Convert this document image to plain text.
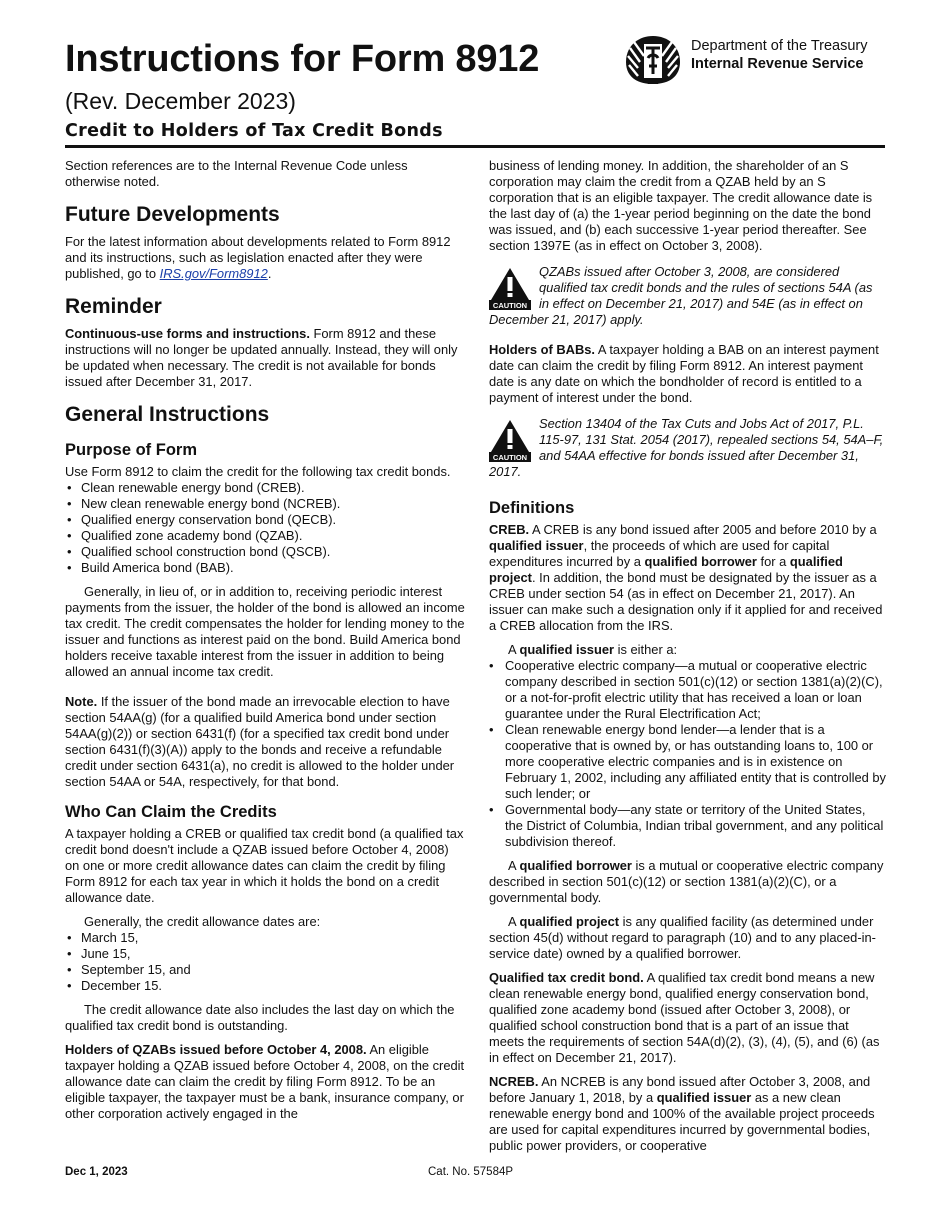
Instructions for Form 8912
(Rev. December 2023)
Credit to Holders of Tax Credit Bonds
Department of the Treasury
Internal Revenue Service

Section references are to the Internal Revenue Code unless otherwise noted.

Future Developments

For the latest information about developments related to Form 8912 and its instructions, such as legislation enacted after they were published, go to IRS.gov/Form8912.

Reminder

Continuous-use forms and instructions. Form 8912 and these instructions will no longer be updated annually. Instead, they will only be updated when necessary. The credit is not available for bonds issued after December 31, 2017.

General Instructions
Purpose of Form

Use Form 8912 to claim the credit for the following tax credit bonds.

• Clean renewable energy bond (CREB).
• New clean renewable energy bond (NCREB).
• Qualified energy conservation bond (QECB).
• Qualified zone academy bond (QZAB).
• Qualified school construction bond (QSCB).
• Build America bond (BAB).

Generally, in lieu of, or in addition to, receiving periodic interest payments from the issuer, the holder of the bond is allowed an income tax credit. The credit compensates the holder for lending money to the issuer and functions as interest paid on the bond. Build America bond holders receive taxable interest from the issuer in addition to being allowed an annual income tax credit.

Note. If the issuer of the bond made an irrevocable election to have section 54AA(g) (for a qualified build America bond under section 54AA(g)(2)) or section 6431(f) (for a specified tax credit bond under section 6431(f)(3)(A)) apply to the bonds and receive a refundable credit under section 6431(a), no credit is allowed to the holder under section 54AA or 54A, respectively, for that bond.

Who Can Claim the Credits

A taxpayer holding a CREB or qualified tax credit bond (a qualified tax credit bond doesn't include a QZAB issued before October 4, 2008) on one or more credit allowance dates can claim the credit by filing Form 8912 for each tax year in which it holds the bond on a credit allowance date.

Generally, the credit allowance dates are:

• March 15,
• June 15,
• September 15, and
• December 15.

The credit allowance date also includes the last day on which the qualified tax credit bond is outstanding.

Holders of QZABs issued before October 4, 2008. An eligible taxpayer holding a QZAB issued before October 4, 2008, on the credit allowance date can claim the credit by filing Form 8912. To be an eligible taxpayer, the taxpayer must be a bank, insurance company, or other corporation actively engaged in the

business of lending money. In addition, the shareholder of an S corporation may claim the credit from a QZAB held by an S corporation that is an eligible taxpayer. The credit allowance date is the last day of (a) the 1-year period beginning on the date the bond was issued, and (b) each successive 1-year period thereafter. See section 1397E (as in effect on October 3, 2008).

CAUTION

QZABs issued after October 3, 2008, are considered qualified tax credit bonds and the rules of sections 54A (as in effect on December 21, 2017) and 54E (as in effect on December 21, 2017) apply.

Holders of BABs. A taxpayer holding a BAB on an interest payment date can claim the credit by filing Form 8912. An interest payment date is any date on which the bondholder of record is entitled to a payment of interest under the bond.

CAUTION

Section 13404 of the Tax Cuts and Jobs Act of 2017, P.L. 115-97, 131 Stat. 2054 (2017), repealed sections 54, 54A–F, and 54AA effective for bonds issued after December 31, 2017.

Definitions

CREB. A CREB is any bond issued after 2005 and before 2010 by a qualified issuer, the proceeds of which are used for capital expenditures incurred by a qualified borrower for a qualified project. In addition, the bond must be designated by the issuer as a CREB under section 54 (as in effect on December 21, 2017). An issuer can make such a designation only if it applied for and received a CREB allocation from the IRS.

A qualified issuer is either a:

• Cooperative electric company—a mutual or cooperative electric company described in section 501(c)(12) or section 1381(a)(2)(C), or a not-for-profit electric utility that has received a loan or loan guarantee under the Rural Electrification Act;
• Clean renewable energy bond lender—a lender that is a cooperative that is owned by, or has outstanding loans to, 100 or more cooperative electric companies and is in existence on February 1, 2002, including any affiliated entity that is controlled by such lender; or
• Governmental body—any state or territory of the United States, the District of Columbia, Indian tribal government, and any political subdivision thereof.

A qualified borrower is a mutual or cooperative electric company described in section 501(c)(12) or section 1381(a)(2)(C), or a governmental body.

A qualified project is any qualified facility (as determined under section 45(d) without regard to paragraph (10) and to any placed-in-service date) owned by a qualified borrower.

Qualified tax credit bond. A qualified tax credit bond means a new clean renewable energy bond, qualified energy conservation bond, qualified zone academy bond (issued after October 3, 2008), or qualified school construction bond that is a part of an issue that meets the requirements of section 54A(d)(2), (3), (4), (5), and (6) (as in effect on December 21, 2017).

NCREB. An NCREB is any bond issued after October 3, 2008, and before January 1, 2018, by a qualified issuer as a new clean renewable energy bond and 100% of the available project proceeds are used for capital expenditures incurred by governmental bodies, public power providers, or cooperative

Dec 1, 2023	Cat. No. 57584P
